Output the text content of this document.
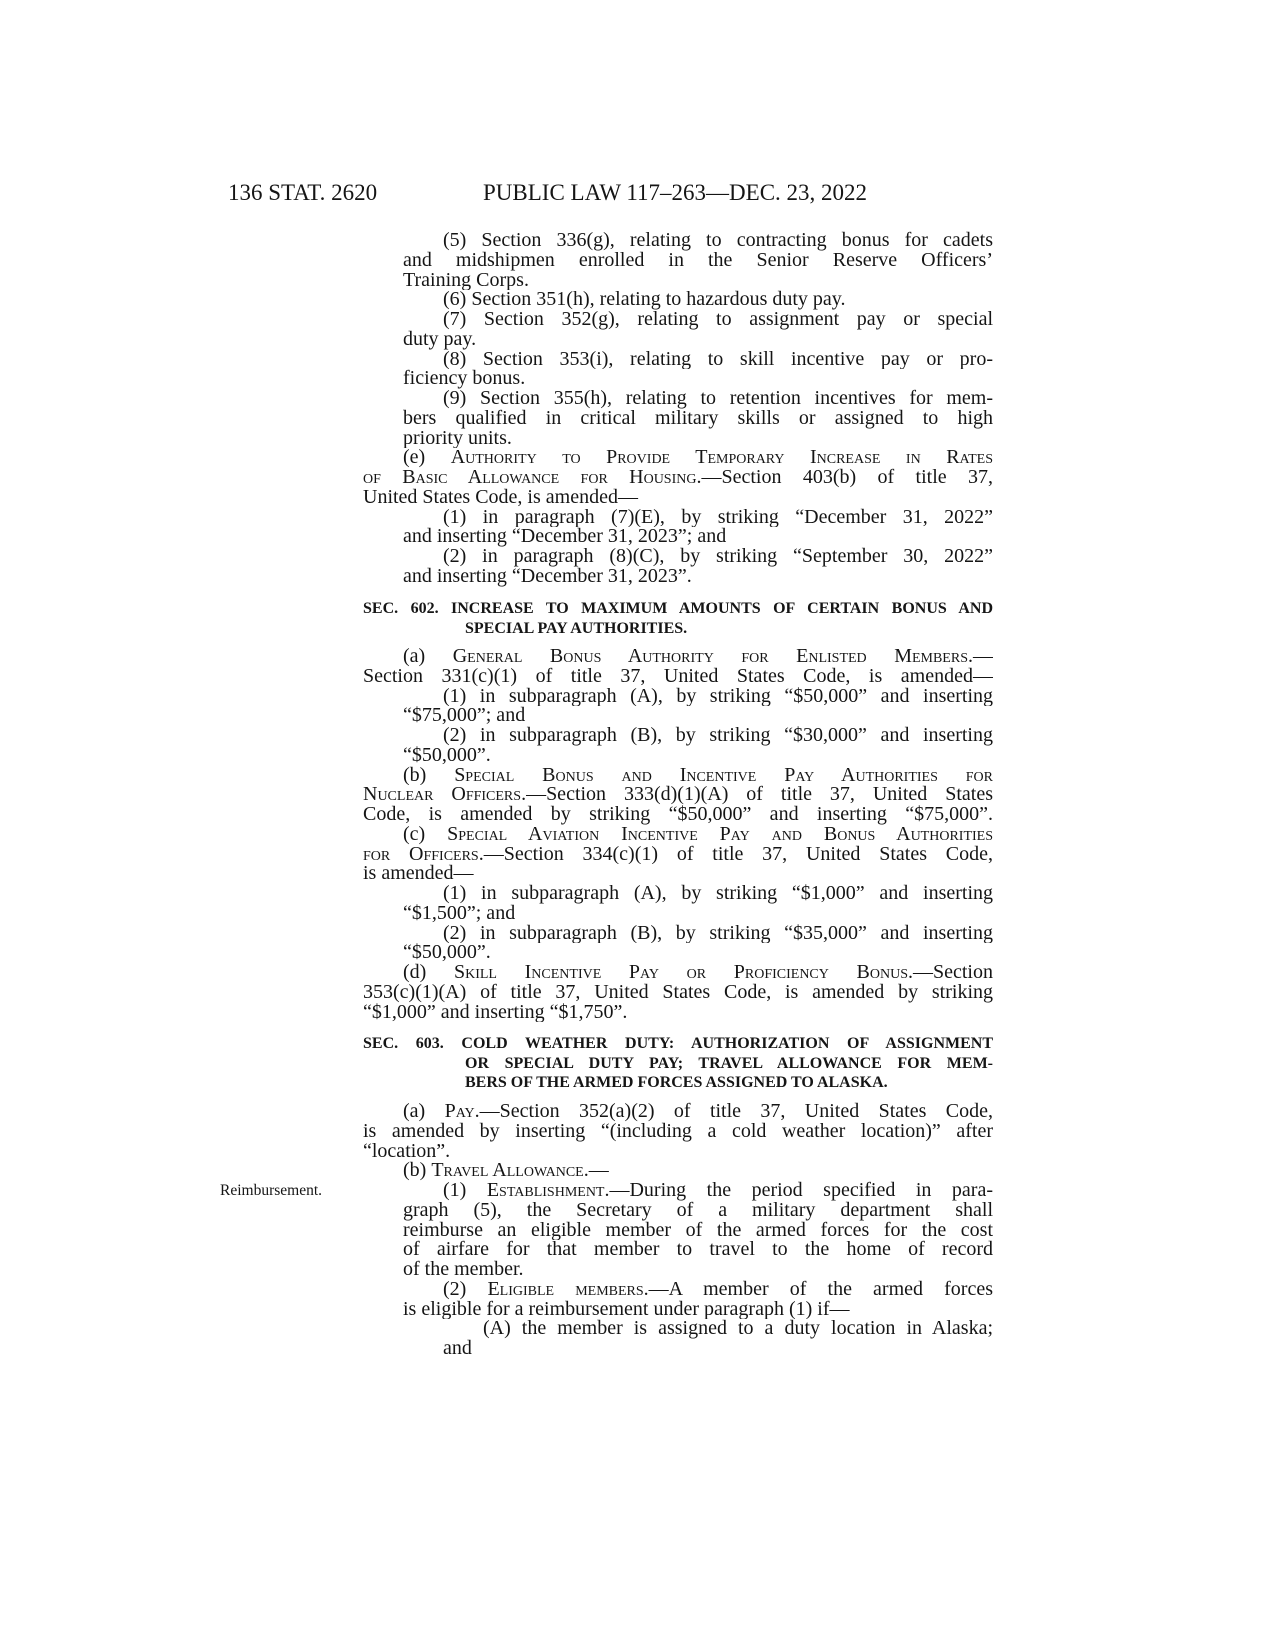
136 STAT. 2620	PUBLIC LAW 117–263—DEC. 23, 2022
(5) Section 336(g), relating to contracting bonus for cadets
and midshipmen enrolled in the Senior Reserve Officers’
Training Corps.
(6) Section 351(h), relating to hazardous duty pay.
(7) Section 352(g), relating to assignment pay or special
duty pay.
(8) Section 353(i), relating to skill incentive pay or pro-
ficiency bonus.
(9) Section 355(h), relating to retention incentives for mem-
bers qualified in critical military skills or assigned to high
priority units.
(e) Authority to Provide Temporary Increase in Rates
of Basic Allowance for Housing.—Section 403(b) of title 37,
United States Code, is amended—
(1) in paragraph (7)(E), by striking “December 31, 2022”
and inserting “December 31, 2023”; and
(2) in paragraph (8)(C), by striking “September 30, 2022”
and inserting “December 31, 2023”.
SEC. 602. INCREASE TO MAXIMUM AMOUNTS OF CERTAIN BONUS AND
SPECIAL PAY AUTHORITIES.
(a) General Bonus Authority for Enlisted Members.—
Section 331(c)(1) of title 37, United States Code, is amended—
(1) in subparagraph (A), by striking “$50,000” and inserting
“$75,000”; and
(2) in subparagraph (B), by striking “$30,000” and inserting
“$50,000”.
(b) Special Bonus and Incentive Pay Authorities for
Nuclear Officers.—Section 333(d)(1)(A) of title 37, United States
Code, is amended by striking “$50,000” and inserting “$75,000”.
(c) Special Aviation Incentive Pay and Bonus Authorities
for Officers.—Section 334(c)(1) of title 37, United States Code,
is amended—
(1) in subparagraph (A), by striking “$1,000” and inserting
“$1,500”; and
(2) in subparagraph (B), by striking “$35,000” and inserting
“$50,000”.
(d) Skill Incentive Pay or Proficiency Bonus.—Section
353(c)(1)(A) of title 37, United States Code, is amended by striking
“$1,000” and inserting “$1,750”.
SEC. 603. COLD WEATHER DUTY: AUTHORIZATION OF ASSIGNMENT
OR SPECIAL DUTY PAY; TRAVEL ALLOWANCE FOR MEM-
BERS OF THE ARMED FORCES ASSIGNED TO ALASKA.
(a) Pay.—Section 352(a)(2) of title 37, United States Code,
is amended by inserting “(including a cold weather location)” after
“location”.
(b) Travel Allowance.—
(1) Establishment.—During the period specified in para-
graph (5), the Secretary of a military department shall
reimburse an eligible member of the armed forces for the cost
of airfare for that member to travel to the home of record
of the member.
(2) Eligible members.—A member of the armed forces
is eligible for a reimbursement under paragraph (1) if—
(A) the member is assigned to a duty location in Alaska;
and
Reimbursement.
